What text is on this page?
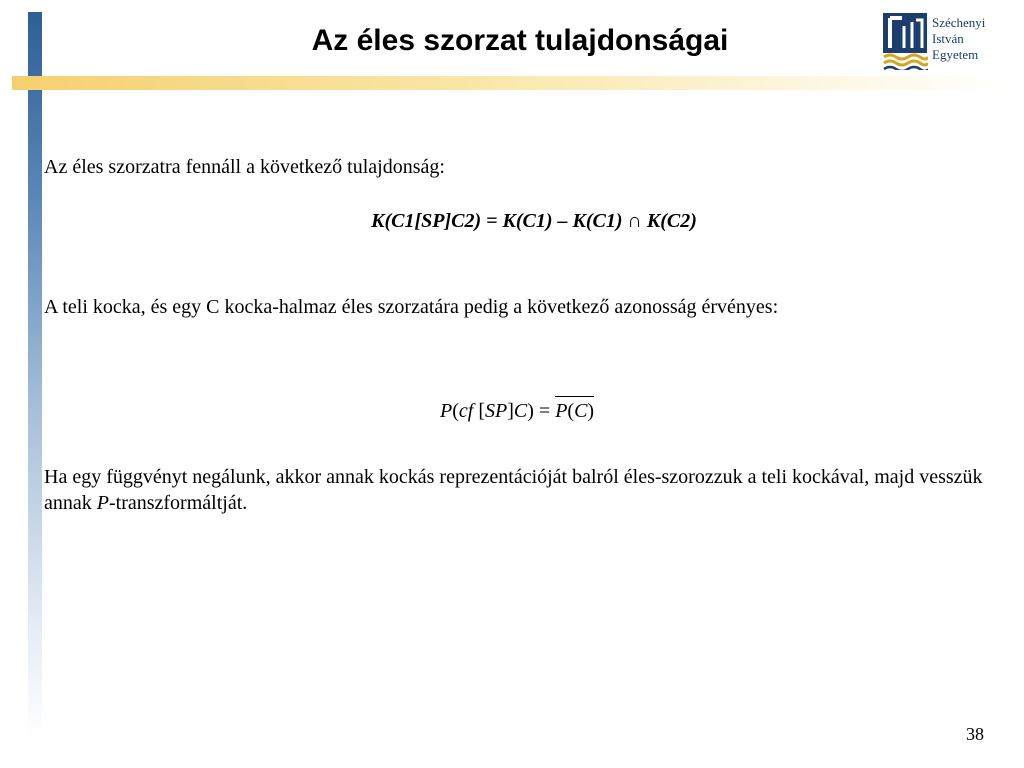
Az éles szorzat tulajdonságai
Széchenyi
István
Egyetem

Az éles szorzatra fennáll a következő tulajdonság:

K(C1[SP]C2) = K(C1) – K(C1) ∩ K(C2)

A teli kocka, és egy C kocka-halmaz éles szorzatára pedig a következő azonosság érvényes:

P(cf [SP]C) = P(C)

Ha egy függvényt negálunk, akkor annak kockás reprezentációját balról éles-szorozzuk a teli kockával, majd vesszük annak P-transzformáltját.

38
